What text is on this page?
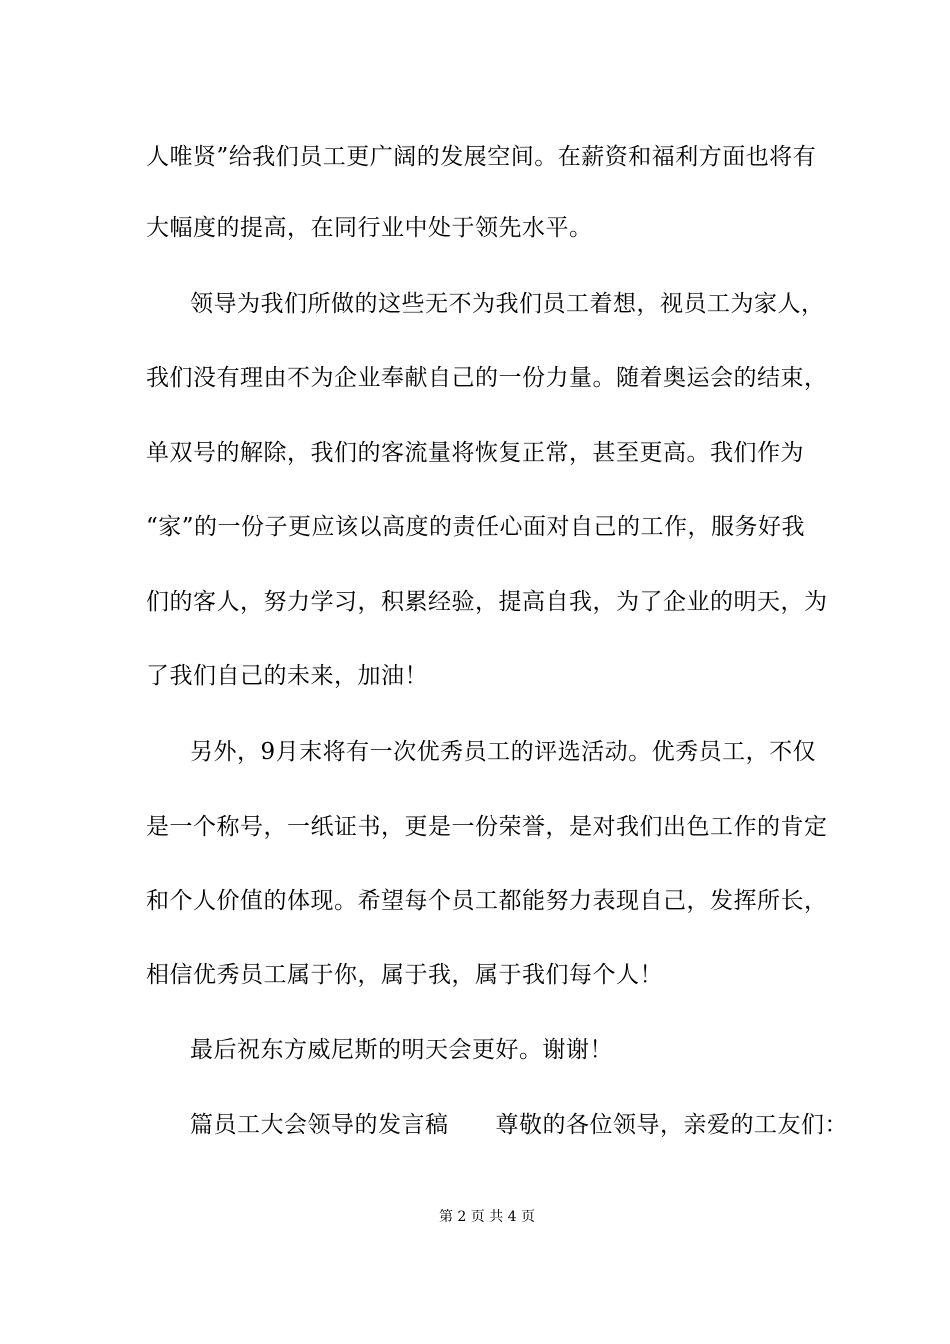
人唯贤”给我们员工更广阔的发展空间。在薪资和福利方面也将有
大幅度的提高，在同行业中处于领先水平。
领导为我们所做的这些无不为我们员工着想，视员工为家人，
我们没有理由不为企业奉献自己的一份力量。随着奥运会的结束，
单双号的解除，我们的客流量将恢复正常，甚至更高。我们作为
“家”的一份子更应该以高度的责任心面对自己的工作，服务好我
们的客人，努力学习，积累经验，提高自我，为了企业的明天，为
了我们自己的未来，加油！
另外，9月末将有一次优秀员工的评选活动。优秀员工，不仅
是一个称号，一纸证书，更是一份荣誉，是对我们出色工作的肯定
和个人价值的体现。希望每个员工都能努力表现自己，发挥所长，
相信优秀员工属于你，属于我，属于我们每个人！
最后祝东方威尼斯的明天会更好。谢谢！
篇员工大会领导的发言稿　　尊敬的各位领导，亲爱的工友们：
第 2 页 共 4 页
